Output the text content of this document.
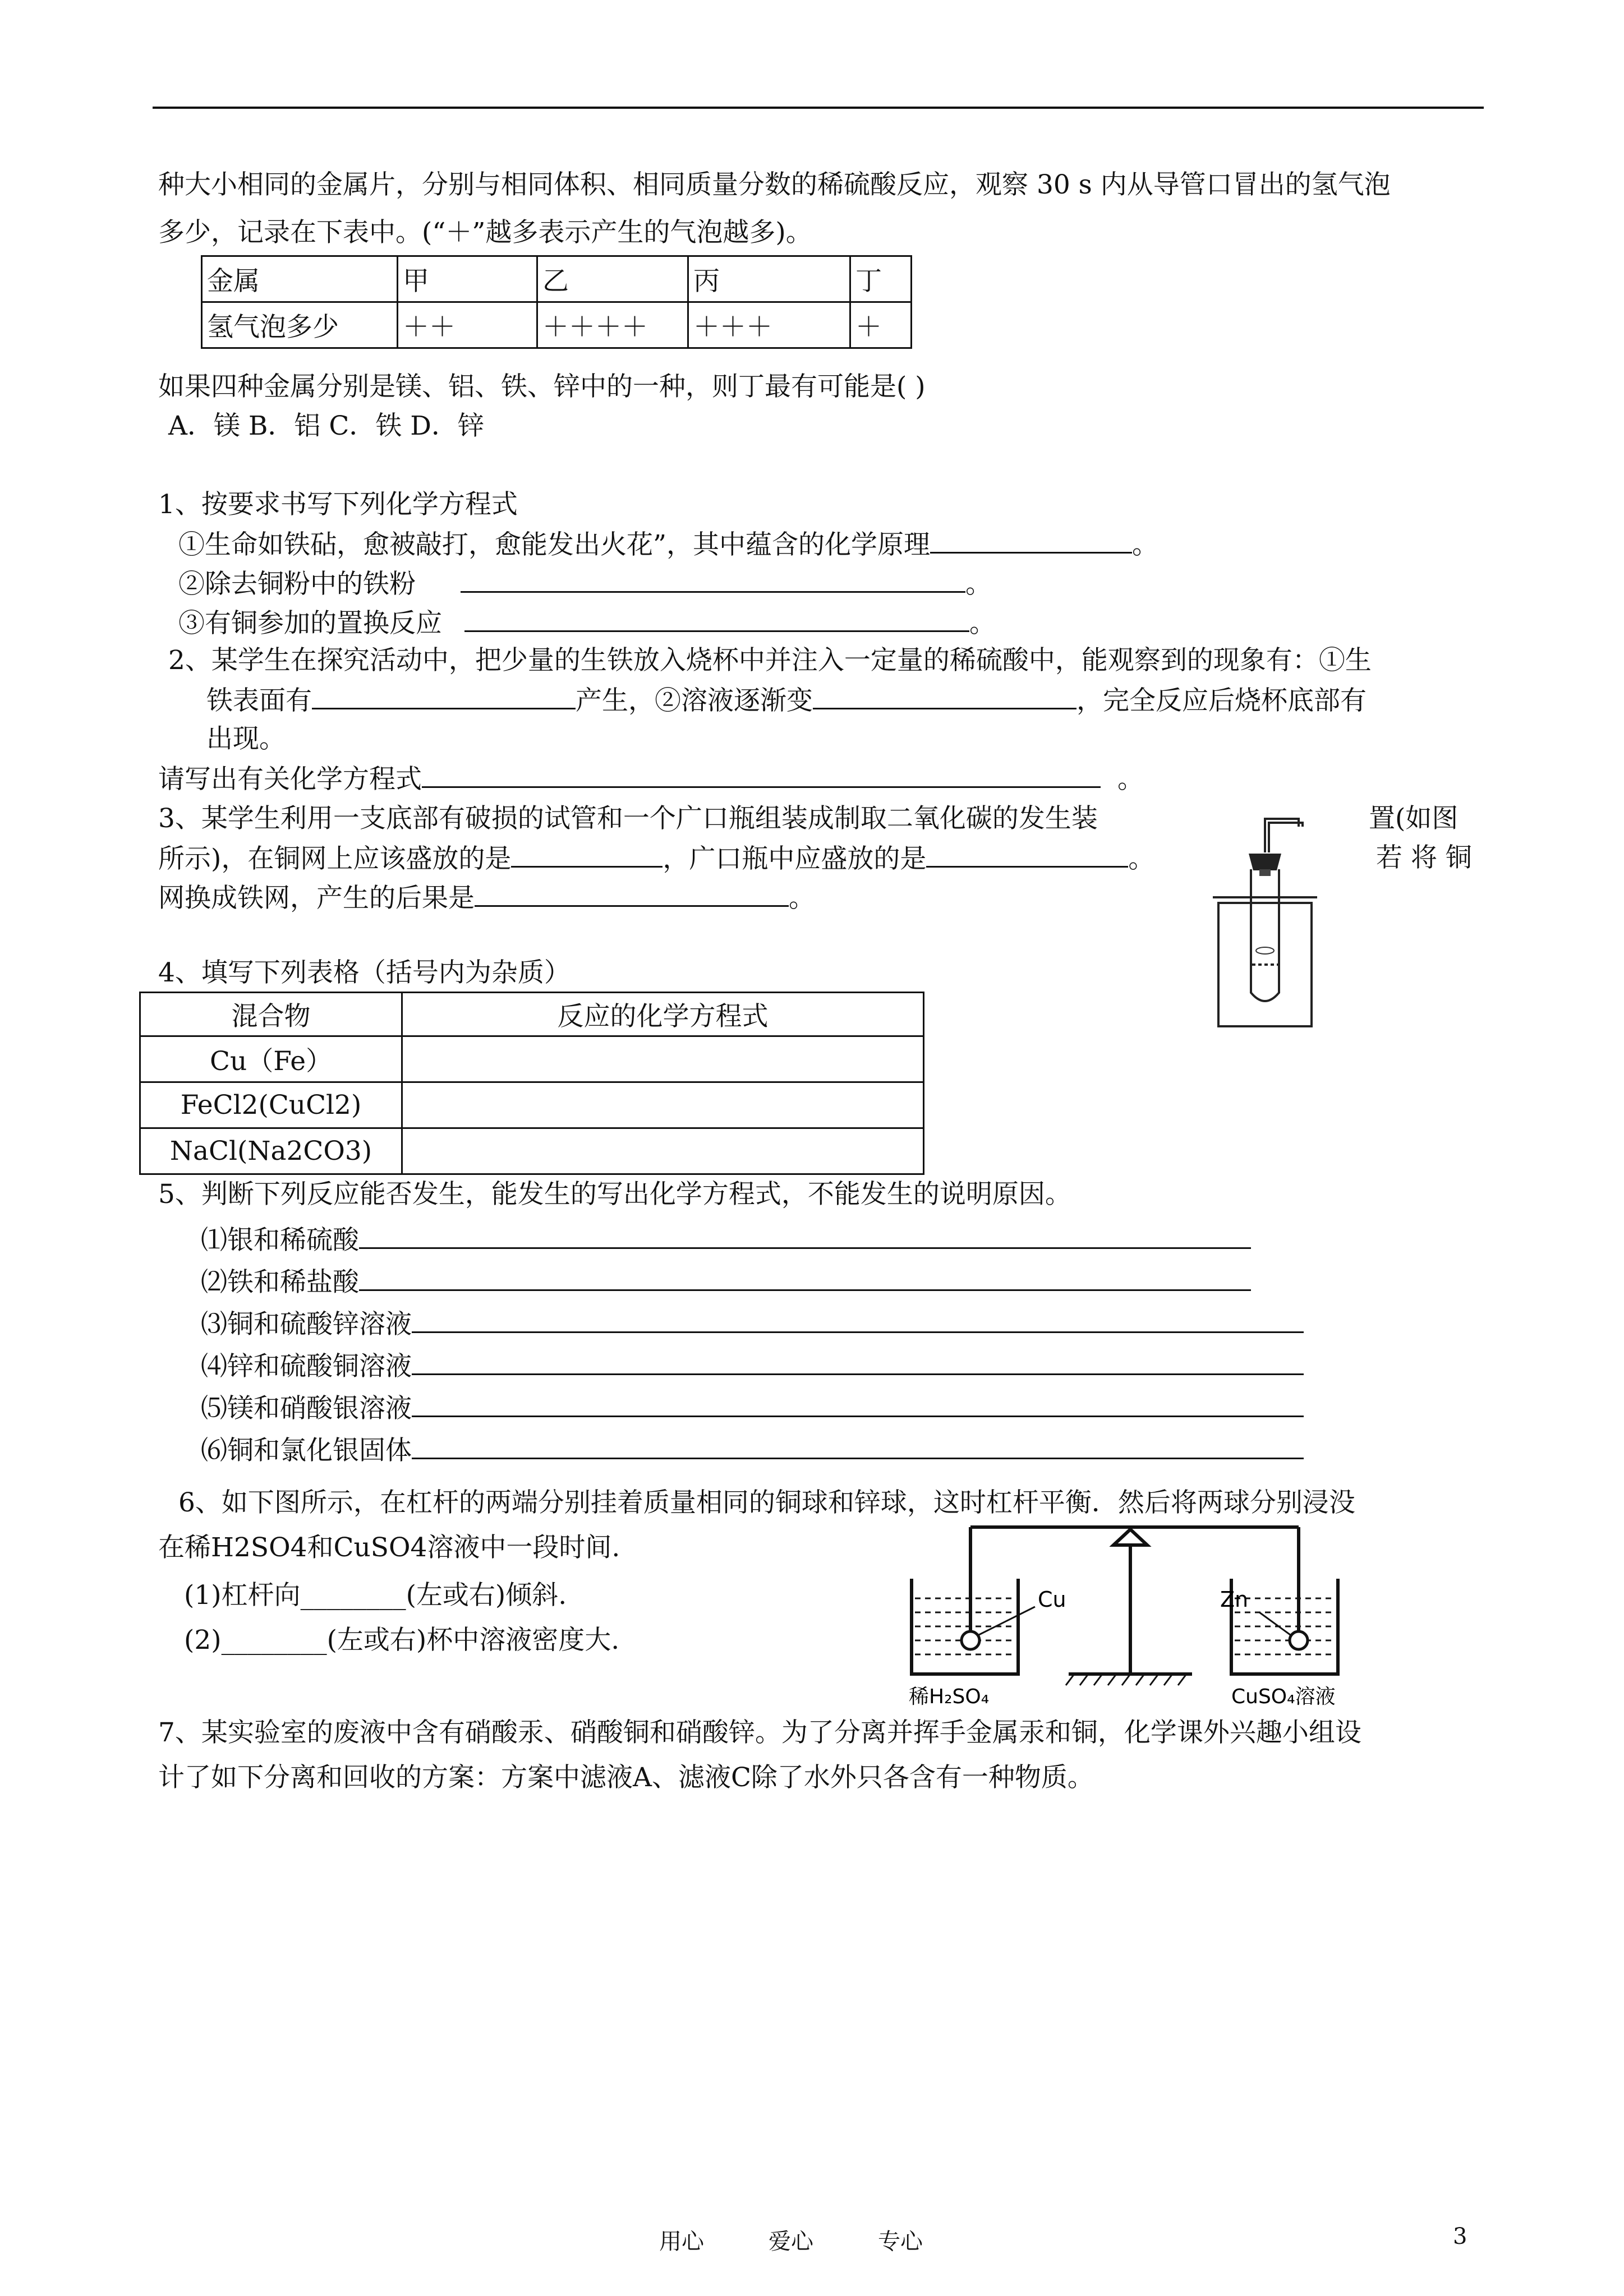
种大小相同的金属片，分别与相同体积、相同质量分数的稀硫酸反应，观察 30 s 内从导管口冒出的氢气泡
多少，记录在下表中。(“＋”越多表示产生的气泡越多)。
金属	甲	乙	丙	丁
氢气泡多少	＋＋	＋＋＋＋	＋＋＋	＋
如果四种金属分别是镁、铝、铁、锌中的一种，则丁最有可能是( )
A．镁 B．铝 C．铁 D．锌
1、按要求书写下列化学方程式
①生命如铁砧，愈被敲打，愈能发出火花”，其中蕴含的化学原理	。
②除去铜粉中的铁粉	。
③有铜参加的置换反应	。
2、某学生在探究活动中，把少量的生铁放入烧杯中并注入一定量的稀硫酸中，能观察到的现象有：①生
铁表面有	产生，②溶液逐渐变	，完全反应后烧杯底部有
出现。
请写出有关化学方程式	。
3、某学生利用一支底部有破损的试管和一个广口瓶组装成制取二氧化碳的发生装	置(如图
所示)，在铜网上应该盛放的是	，广口瓶中应盛放的是	。	若 将 铜
网换成铁网，产生的后果是	。
4、填写下列表格（括号内为杂质）
混合物	反应的化学方程式
Cu（Fe）	
FeCl2(CuCl2)	
NaCl(Na2CO3)	
5、判断下列反应能否发生，能发生的写出化学方程式，不能发生的说明原因。
⑴银和稀硫酸
⑵铁和稀盐酸
⑶铜和硫酸锌溶液
⑷锌和硫酸铜溶液
⑸镁和硝酸银溶液
⑹铜和氯化银固体
6、如下图所示，在杠杆的两端分别挂着质量相同的铜球和锌球，这时杠杆平衡．然后将两球分别浸没
在稀H2SO4和CuSO4溶液中一段时间.
(1)杠杆向________(左或右)倾斜.
(2)________(左或右)杯中溶液密度大.
Cu	Zn
稀H₂SO₄	CuSO₄溶液
7、某实验室的废液中含有硝酸汞、硝酸铜和硝酸锌。为了分离并挥手金属汞和铜，化学课外兴趣小组设
计了如下分离和回收的方案：方案中滤液A、滤液C除了水外只各含有一种物质。
用心	爱心	专心	3
